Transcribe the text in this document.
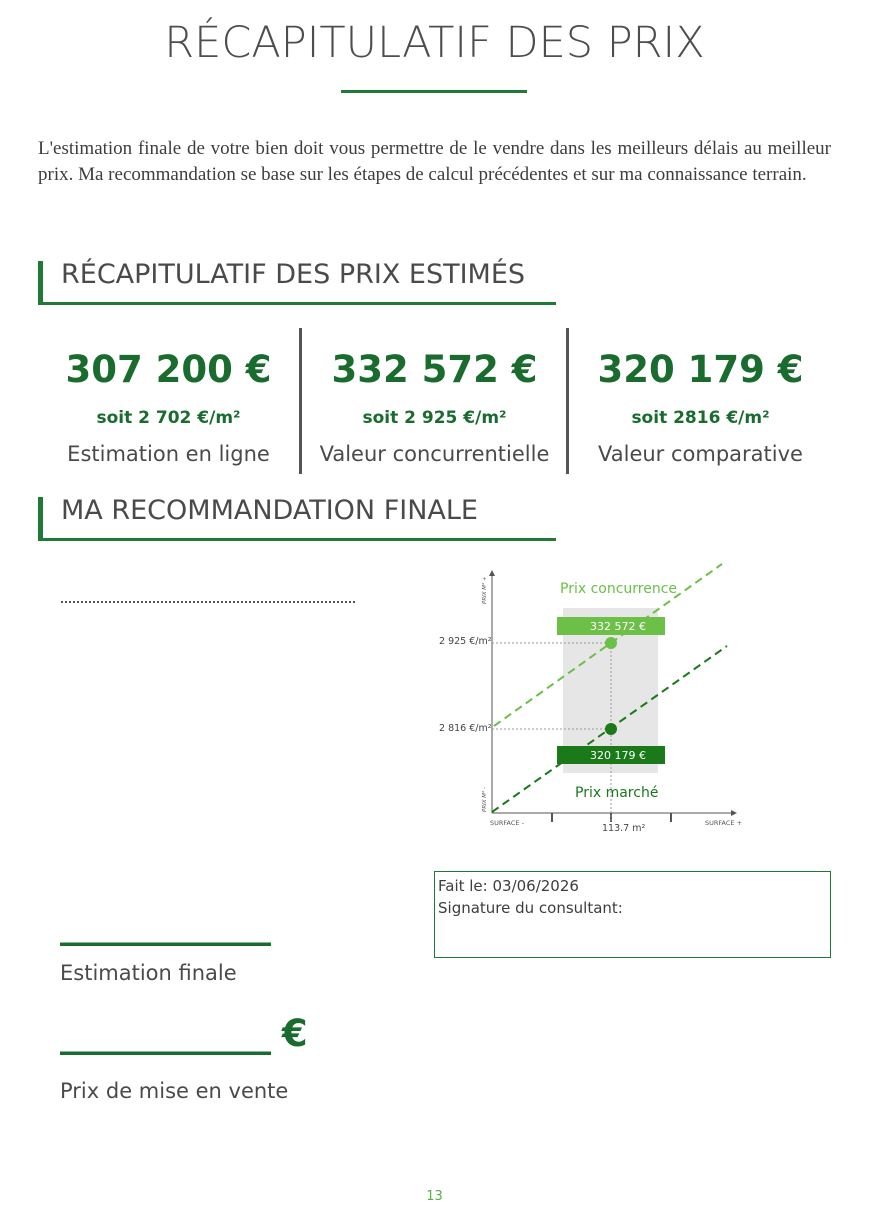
RÉCAPITULATIF DES PRIX
L'estimation finale de votre bien doit vous permettre de le vendre dans les meilleurs délais au meilleur prix. Ma recommandation se base sur les étapes de calcul précédentes et sur ma connaissance terrain.
RÉCAPITULATIF DES PRIX ESTIMÉS
307 200 €
soit 2 702 €/m²
Estimation en ligne
332 572 €
soit 2 925 €/m²
Valeur concurrentielle
320 179 €
soit 2816 €/m²
Valeur comparative
MA RECOMMANDATION FINALE
332 572 €
320 179 €
Prix concurrence
Prix marché
2 925 €/m²
2 816 €/m²
113.7 m²
SURFACE -	SURFACE +
PRIX M² +
PRIX M² -
Fait le: 03/06/2026
Signature du consultant:
____________
Estimation finale
____________ €
Prix de mise en vente
13
